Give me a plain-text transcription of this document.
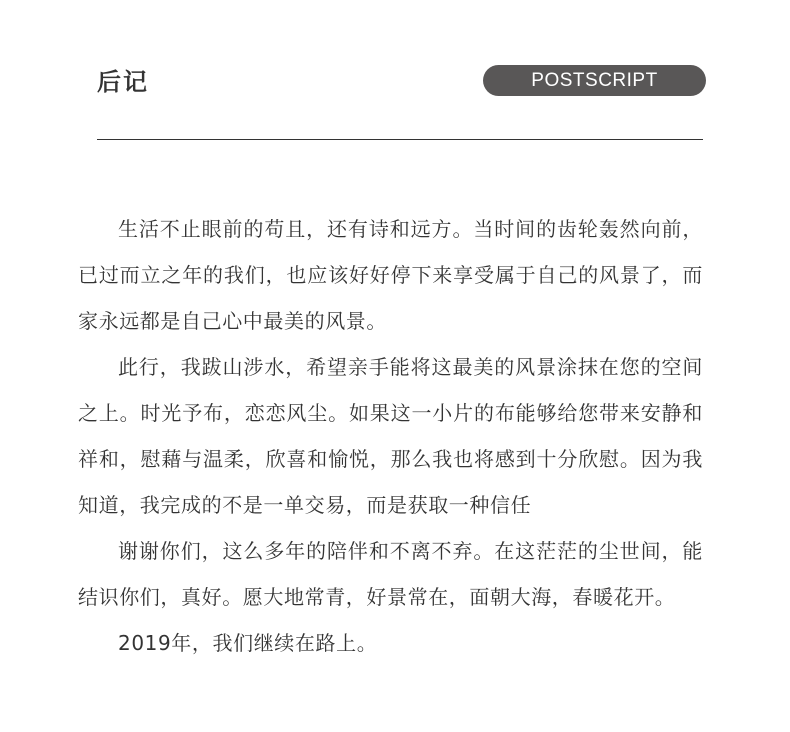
后记	POSTSCRIPT

生活不止眼前的苟且，还有诗和远方。当时间的齿轮轰然向前，已过而立之年的我们，也应该好好停下来享受属于自己的风景了，而家永远都是自己心中最美的风景。

此行，我跋山涉水，希望亲手能将这最美的风景涂抹在您的空间之上。时光予布，恋恋风尘。如果这一小片的布能够给您带来安静和祥和，慰藉与温柔，欣喜和愉悦，那么我也将感到十分欣慰。因为我知道，我完成的不是一单交易，而是获取一种信任

谢谢你们，这么多年的陪伴和不离不弃。在这茫茫的尘世间，能结识你们，真好。愿大地常青，好景常在，面朝大海，春暖花开。

2019年，我们继续在路上。
